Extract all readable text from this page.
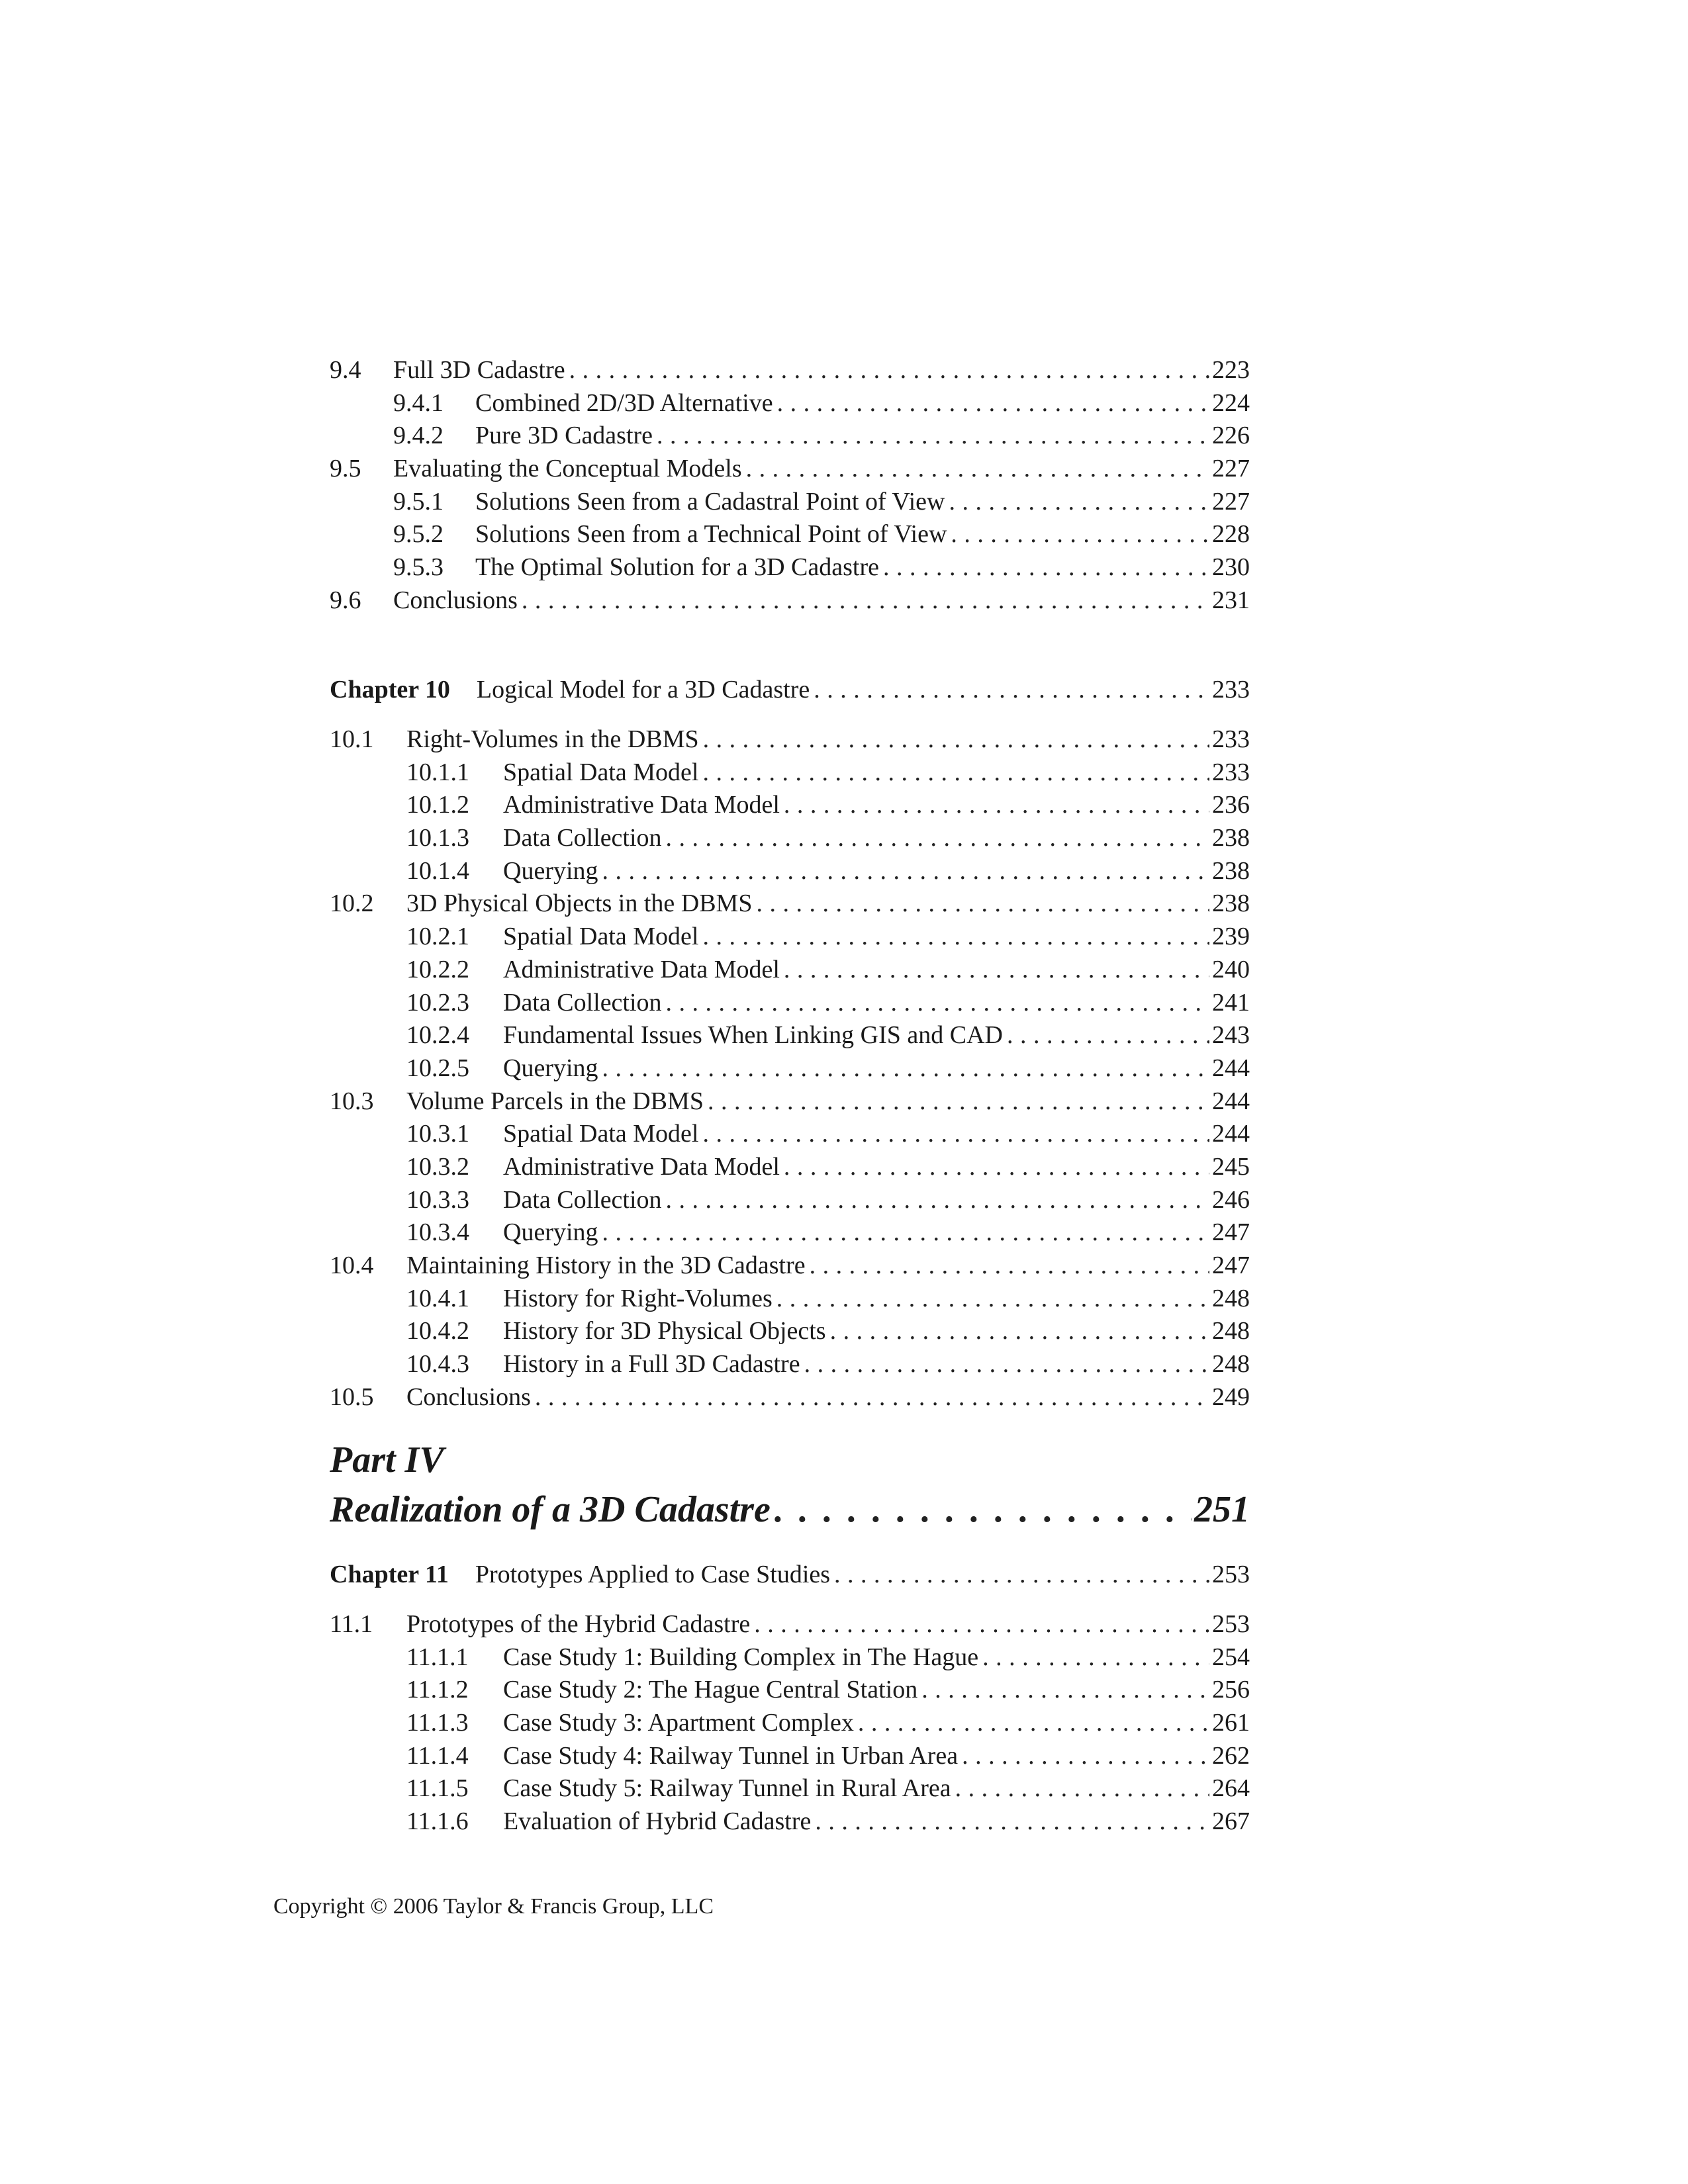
9.4	Full 3D Cadastre . . .	223
9.4.1	Combined 2D/3D Alternative . . .	224
9.4.2	Pure 3D Cadastre . . .	226
9.5	Evaluating the Conceptual Models . . .	227
9.5.1	Solutions Seen from a Cadastral Point of View . . .	227
9.5.2	Solutions Seen from a Technical Point of View . . .	228
9.5.3	The Optimal Solution for a 3D Cadastre . . .	230
9.6	Conclusions . . .	231
Chapter 10 Logical Model for a 3D Cadastre . . .	233
10.1	Right-Volumes in the DBMS . . .	233
10.1.1	Spatial Data Model . . .	233
10.1.2	Administrative Data Model . . .	236
10.1.3	Data Collection . . .	238
10.1.4	Querying . . .	238
10.2	3D Physical Objects in the DBMS . . .	238
10.2.1	Spatial Data Model . . .	239
10.2.2	Administrative Data Model . . .	240
10.2.3	Data Collection . . .	241
10.2.4	Fundamental Issues When Linking GIS and CAD . . .	243
10.2.5	Querying . . .	244
10.3	Volume Parcels in the DBMS . . .	244
10.3.1	Spatial Data Model . . .	244
10.3.2	Administrative Data Model . . .	245
10.3.3	Data Collection . . .	246
10.3.4	Querying . . .	247
10.4	Maintaining History in the 3D Cadastre . . .	247
10.4.1	History for Right-Volumes . . .	248
10.4.2	History for 3D Physical Objects . . .	248
10.4.3	History in a Full 3D Cadastre . . .	248
10.5	Conclusions . . .	249
Part IV
Realization of a 3D Cadastre . . .	251
Chapter 11 Prototypes Applied to Case Studies . . .	253
11.1	Prototypes of the Hybrid Cadastre . . .	253
11.1.1	Case Study 1: Building Complex in The Hague . . .	254
11.1.2	Case Study 2: The Hague Central Station . . .	256
11.1.3	Case Study 3: Apartment Complex . . .	261
11.1.4	Case Study 4: Railway Tunnel in Urban Area . . .	262
11.1.5	Case Study 5: Railway Tunnel in Rural Area . . .	264
11.1.6	Evaluation of Hybrid Cadastre . . .	267
Copyright © 2006 Taylor & Francis Group, LLC
